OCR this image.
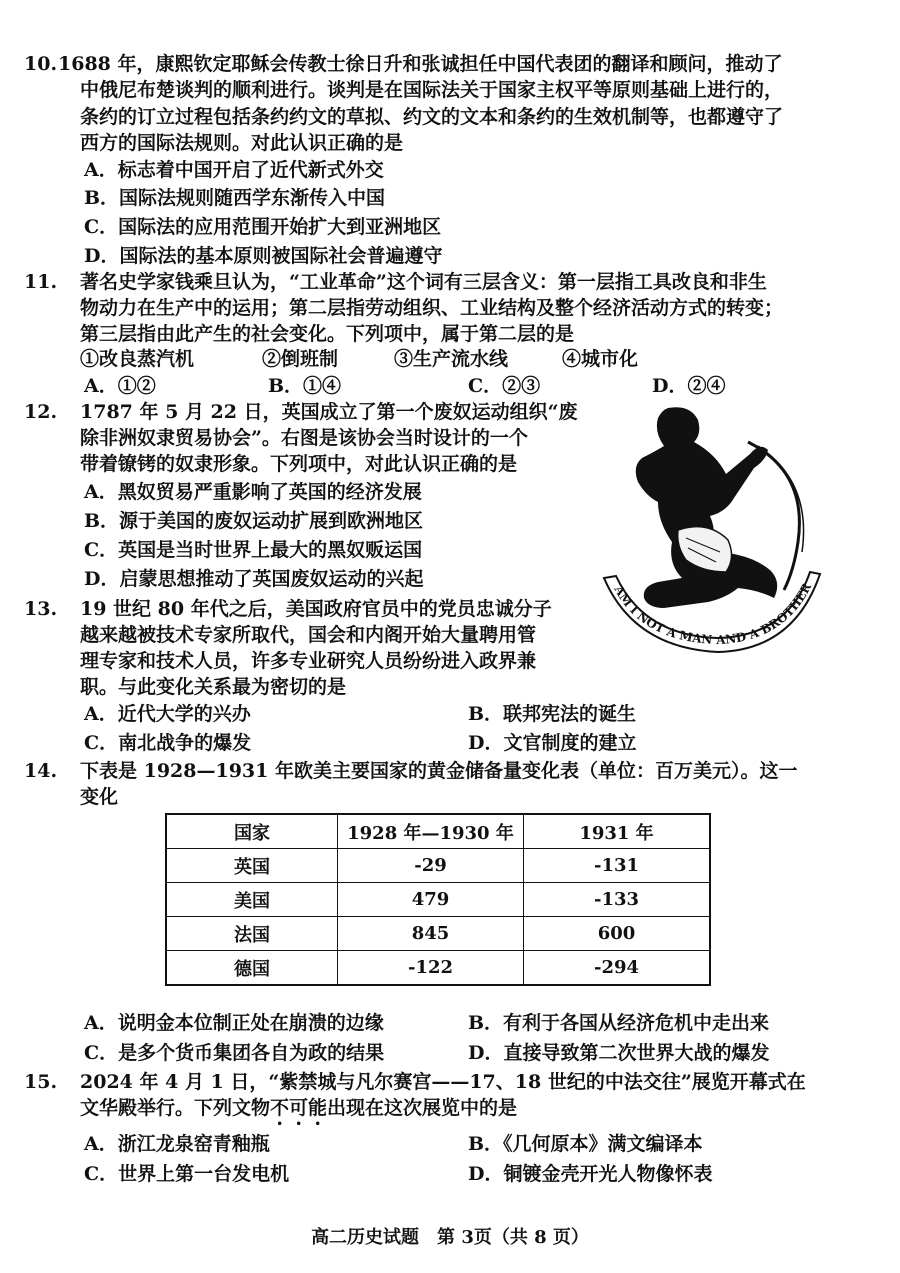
10. 1688 年，康熙钦定耶稣会传教士徐日升和张诚担任中国代表团的翻译和顾问，推动了
中俄尼布楚谈判的顺利进行。谈判是在国际法关于国家主权平等原则基础上进行的，
条约的订立过程包括条约约文的草拟、约文的文本和条约的生效机制等，也都遵守了
西方的国际法规则。对此认识正确的是
A．标志着中国开启了近代新式外交
B．国际法规则随西学东渐传入中国
C．国际法的应用范围开始扩大到亚洲地区
D．国际法的基本原则被国际社会普遍遵守
11. 著名史学家钱乘旦认为，“工业革命”这个词有三层含义：第一层指工具改良和非生
物动力在生产中的运用；第二层指劳动组织、工业结构及整个经济活动方式的转变；
第三层指由此产生的社会变化。下列项中，属于第二层的是
①改良蒸汽机	②倒班制	③生产流水线	④城市化
A．①②	B．①④	C．②③	D．②④
12. 1787 年 5 月 22 日，英国成立了第一个废奴运动组织“废
除非洲奴隶贸易协会”。右图是该协会当时设计的一个
带着镣铐的奴隶形象。下列项中，对此认识正确的是
A．黑奴贸易严重影响了英国的经济发展
B．源于美国的废奴运动扩展到欧洲地区
C．英国是当时世界上最大的黑奴贩运国
D．启蒙思想推动了英国废奴运动的兴起
AM I NOT A MAN AND A BROTHER
13. 19 世纪 80 年代之后，美国政府官员中的党员忠诚分子
越来越被技术专家所取代，国会和内阁开始大量聘用管
理专家和技术人员，许多专业研究人员纷纷进入政界兼
职。与此变化关系最为密切的是
A．近代大学的兴办	B．联邦宪法的诞生
C．南北战争的爆发	D．文官制度的建立
14. 下表是 1928—1931 年欧美主要国家的黄金储备量变化表（单位：百万美元）。这一
变化
国家	1928 年—1930 年	1931 年
英国	-29	-131
美国	479	-133
法国	845	600
德国	-122	-294
A．说明金本位制正处在崩溃的边缘	B．有利于各国从经济危机中走出来
C．是多个货币集团各自为政的结果	D．直接导致第二次世界大战的爆发
15. 2024 年 4 月 1 日，“紫禁城与凡尔赛宫——17、18 世纪的中法交往”展览开幕式在
文华殿举行。下列文物不可能出现在这次展览中的是
A．浙江龙泉窑青釉瓶	B．《几何原本》满文编译本
C．世界上第一台发电机	D．铜镀金壳开光人物像怀表
高二历史试题　第 3页（共 8 页）
